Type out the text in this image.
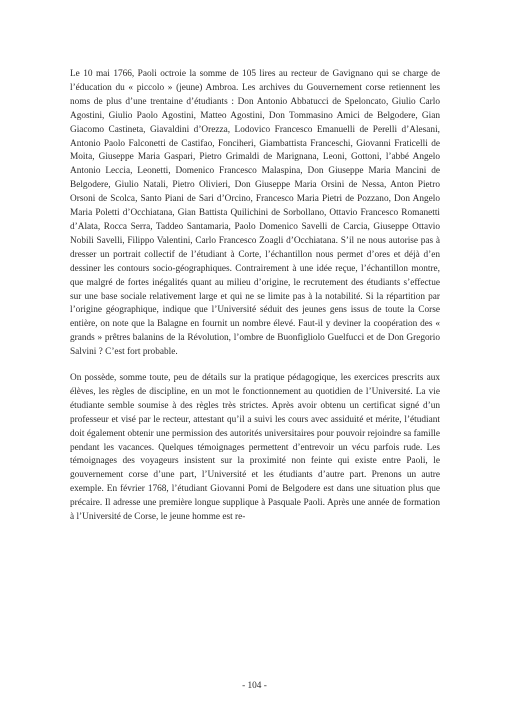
Le 10 mai 1766, Paoli octroie la somme de 105 lires au recteur de Gavignano qui se charge de l’éducation du « piccolo » (jeune) Ambroa. Les archives du Gouvernement corse retiennent les noms de plus d’une trentaine d’étudiants : Don Antonio Abbatucci de Speloncato, Giulio Carlo Agostini, Giulio Paolo Agostini, Matteo Agostini, Don Tommasino Amici de Belgodere, Gian Giacomo Castineta, Giavaldini d’Orezza, Lodovico Francesco Emanuelli de Perelli d’Alesani, Antonio Paolo Falconetti de Castifao, Fonciheri, Giambattista Franceschi, Giovanni Fraticelli de Moita, Giuseppe Maria Gaspari, Pietro Grimaldi de Marignana, Leoni, Gottoni, l’abbé Angelo Antonio Leccia, Leonetti, Domenico Francesco Malaspina, Don Giuseppe Maria Mancini de Belgodere, Giulio Natali, Pietro Olivieri, Don Giuseppe Maria Orsini de Nessa, Anton Pietro Orsoni de Scolca, Santo Piani de Sari d’Orcino, Francesco Maria Pietri de Pozzano, Don Angelo Maria Poletti d’Occhiatana, Gian Battista Quilichini de Sorbollano, Ottavio Francesco Romanetti d’Alata, Rocca Serra, Taddeo Santamaria, Paolo Domenico Savelli de Carcia, Giuseppe Ottavio Nobili Savelli, Filippo Valentini, Carlo Francesco Zoagli d’Occhiatana. S’il ne nous autorise pas à dresser un portrait collectif de l’étudiant à Corte, l’échantillon nous permet d’ores et déjà d’en dessiner les contours socio-géographiques. Contrairement à une idée reçue, l’échantillon montre, que malgré de fortes inégalités quant au milieu d’origine, le recrutement des étudiants s’effectue sur une base sociale relativement large et qui ne se limite pas à la notabilité. Si la répartition par l’origine géographique, indique que l’Université séduit des jeunes gens issus de toute la Corse entière, on note que la Balagne en fournit un nombre élevé. Faut-il y deviner la coopération des « grands » prêtres balanins de la Révolution, l’ombre de Buonfigliolo Guelfucci et de Don Gregorio Salvini ? C’est fort probable.

On possède, somme toute, peu de détails sur la pratique pédagogique, les exercices prescrits aux élèves, les règles de discipline, en un mot le fonctionnement au quotidien de l’Université. La vie étudiante semble soumise à des règles très strictes. Après avoir obtenu un certificat signé d’un professeur et visé par le recteur, attestant qu’il a suivi les cours avec assiduité et mérite, l’étudiant doit également obtenir une permission des autorités universitaires pour pouvoir rejoindre sa famille pendant les vacances. Quelques témoignages permettent d’entrevoir un vécu parfois rude. Les témoignages des voyageurs insistent sur la proximité non feinte qui existe entre Paoli, le gouvernement corse d’une part, l’Université et les étudiants d’autre part. Prenons un autre exemple. En février 1768, l’étudiant Giovanni Pomi de Belgodere est dans une situation plus que précaire. Il adresse une première longue supplique à Pasquale Paoli. Après une année de formation à l’Université de Corse, le jeune homme est re-

- 104 -
